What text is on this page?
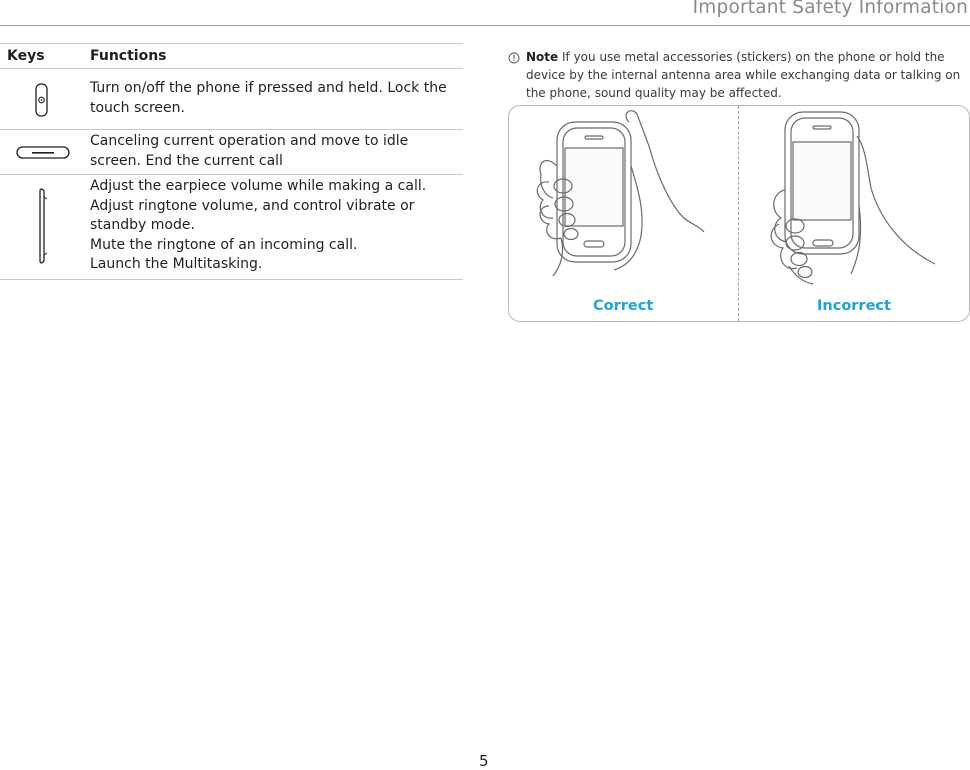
Important Safety Information
Keys	Functions
Turn on/off the phone if pressed and held. Lock the touch screen.
Canceling current operation and move to idle screen. End the current call
Adjust the earpiece volume while making a call. Adjust ringtone volume, and control vibrate or standby mode.
Mute the ringtone of an incoming call.
Launch the Multitasking.
Note If you use metal accessories (stickers) on the phone or hold the device by the internal antenna area while exchanging data or talking on the phone, sound quality may be affected.
Correct	Incorrect
5
